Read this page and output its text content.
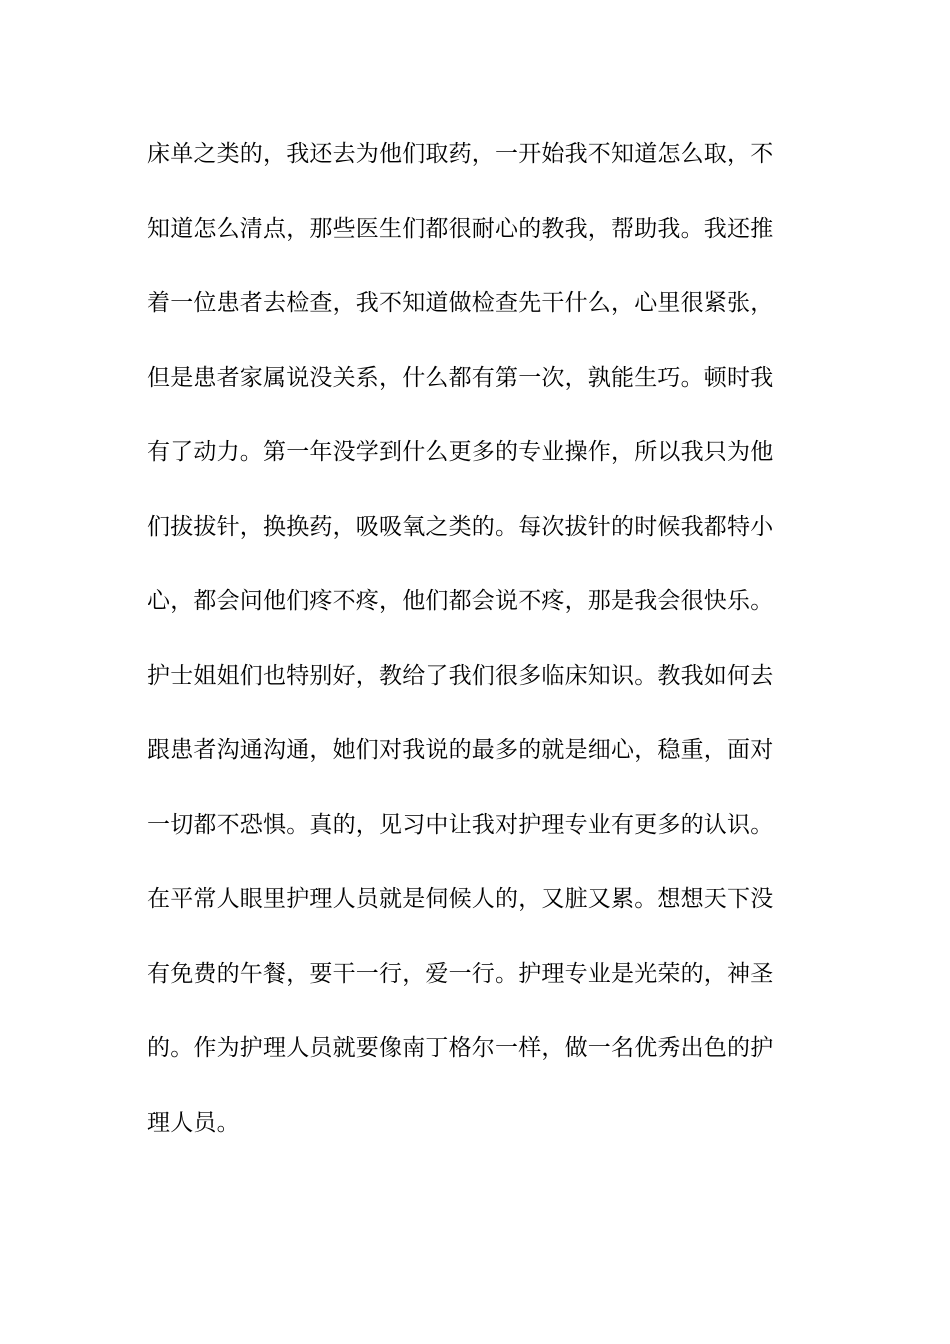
床单之类的，我还去为他们取药，一开始我不知道怎么取，不
知道怎么清点，那些医生们都很耐心的教我，帮助我。我还推
着一位患者去检查，我不知道做检查先干什么，心里很紧张，
但是患者家属说没关系，什么都有第一次，孰能生巧。顿时我
有了动力。第一年没学到什么更多的专业操作，所以我只为他
们拔拔针，换换药，吸吸氧之类的。每次拔针的时候我都特小
心，都会问他们疼不疼，他们都会说不疼，那是我会很快乐。
护士姐姐们也特别好，教给了我们很多临床知识。教我如何去
跟患者沟通沟通，她们对我说的最多的就是细心，稳重，面对
一切都不恐惧。真的，见习中让我对护理专业有更多的认识。
在平常人眼里护理人员就是伺候人的，又脏又累。想想天下没
有免费的午餐，要干一行，爱一行。护理专业是光荣的，神圣
的。作为护理人员就要像南丁格尔一样，做一名优秀出色的护
理人员。
